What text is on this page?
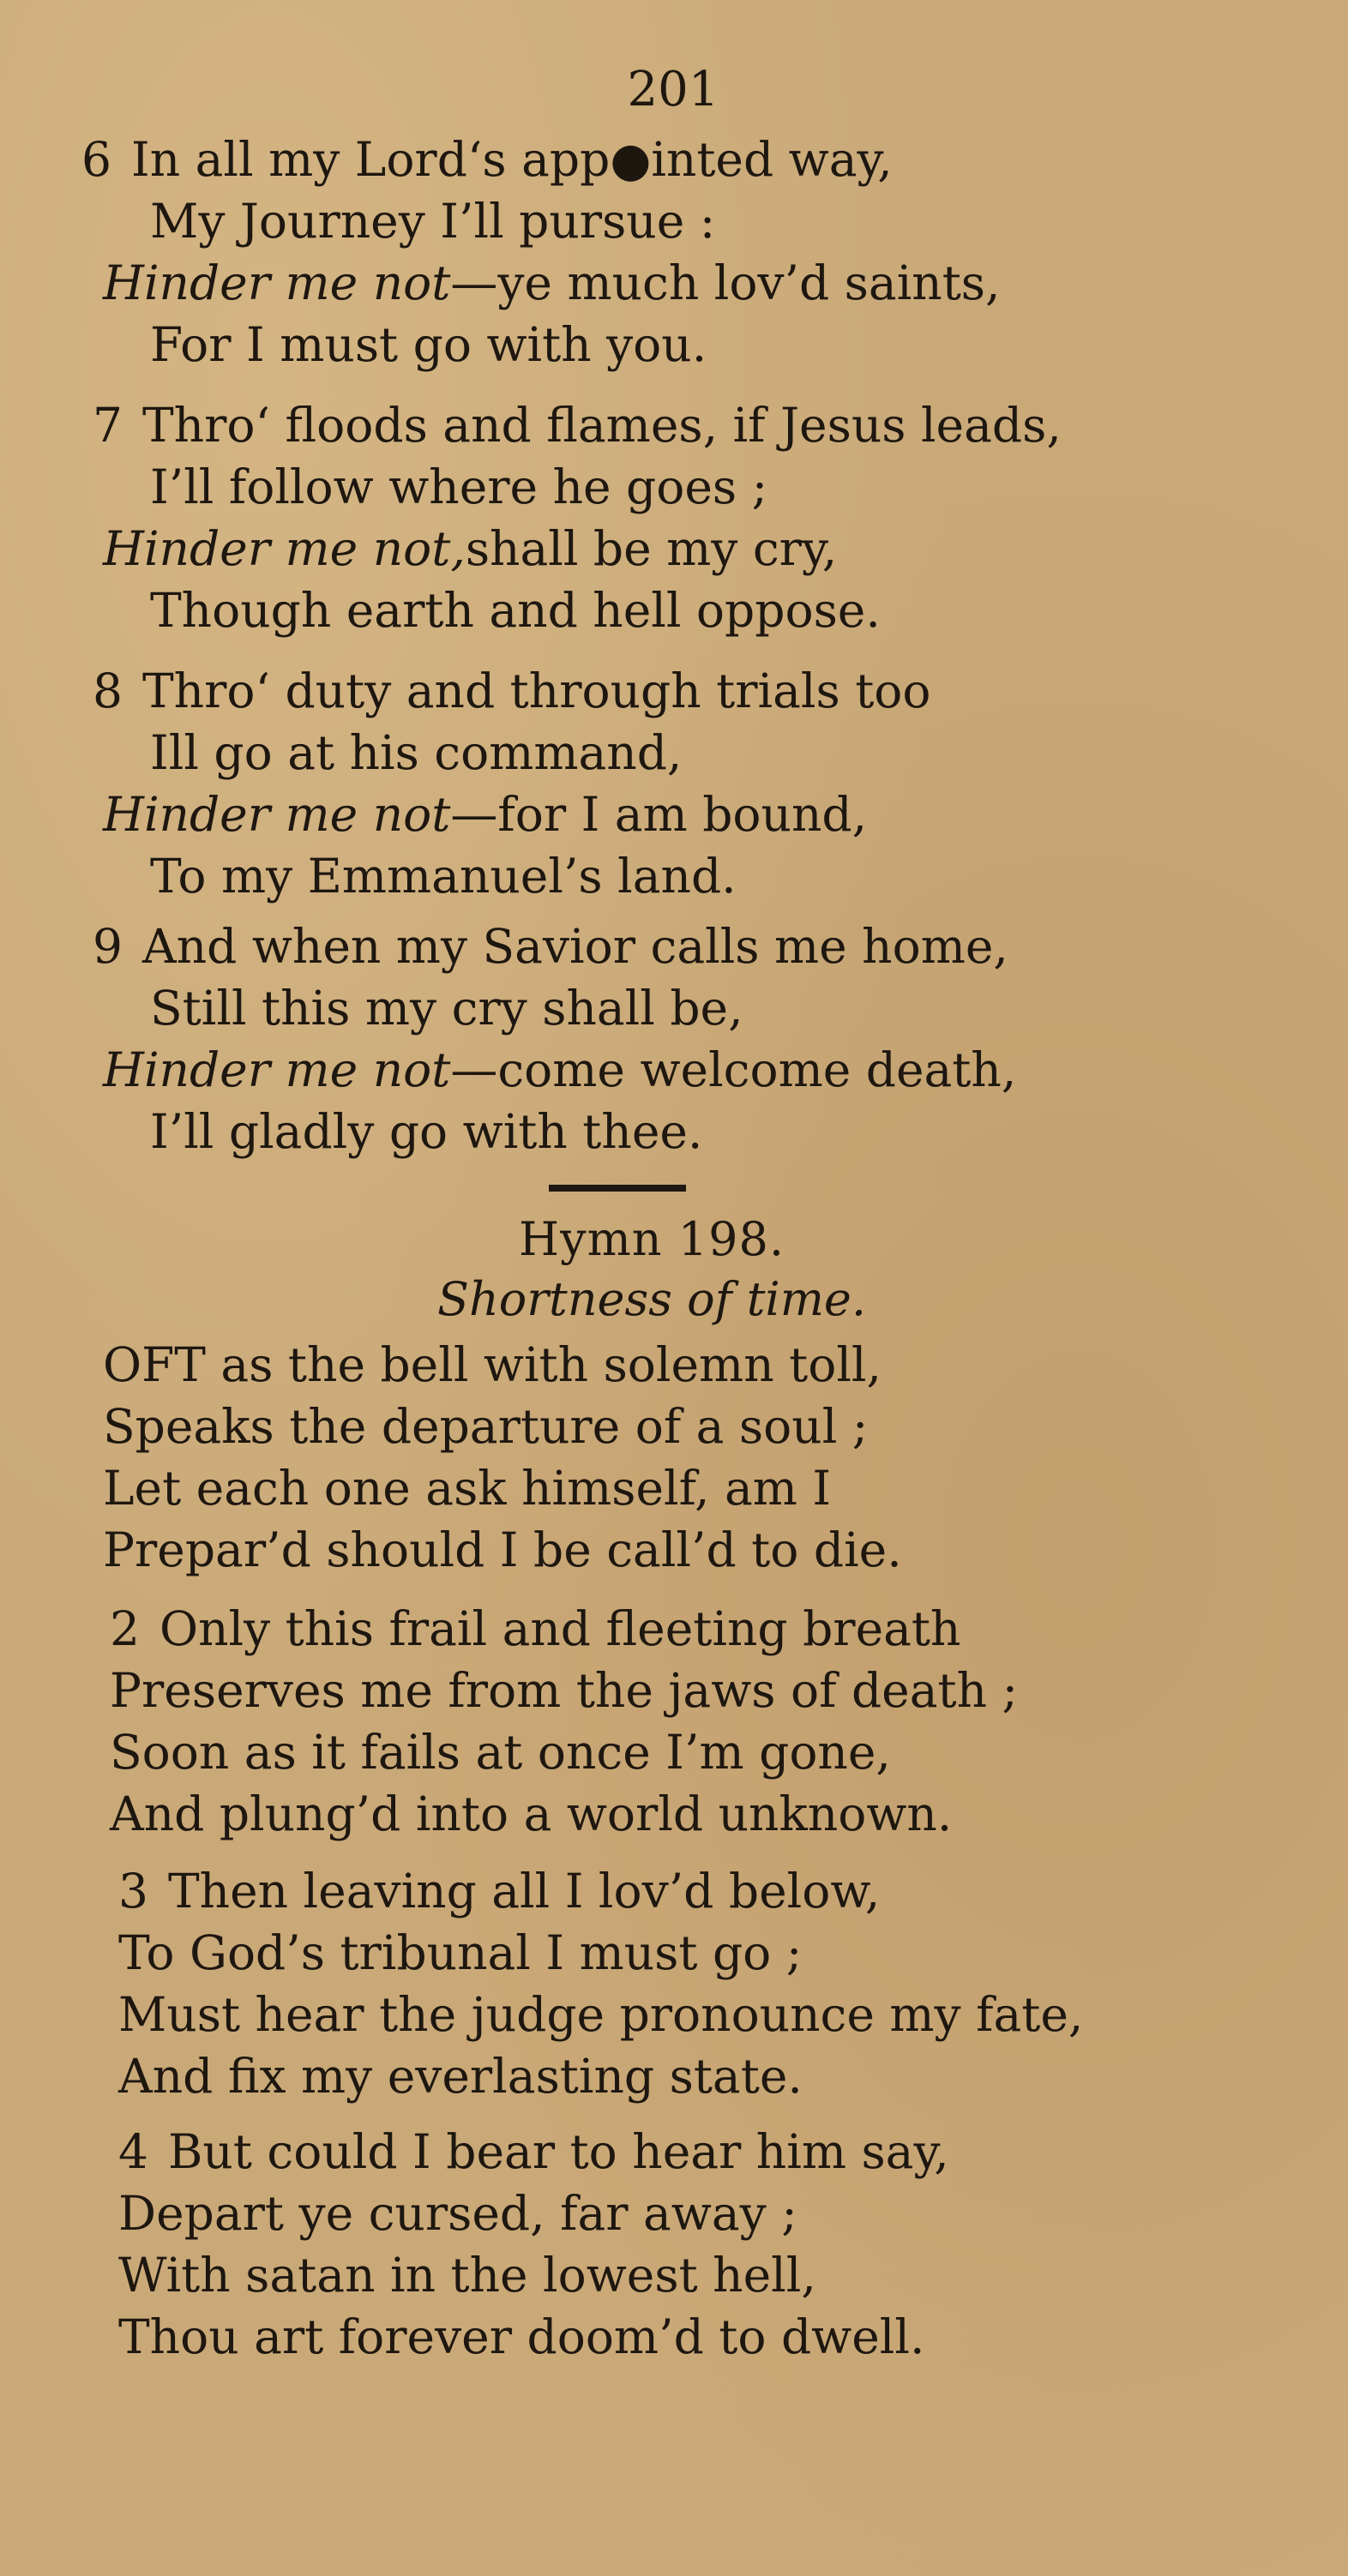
201
6 In all my Lord‘s app●inted way,
My Journey I’ll pursue :
Hinder me not—ye much lov’d saints,
For I must go with you.
7 Thro‘ floods and flames, if Jesus leads,
I’ll follow where he goes ;
Hinder me not,shall be my cry,
Though earth and hell oppose.
8 Thro‘ duty and through trials too
Ill go at his command,
Hinder me not—for I am bound,
To my Emmanuel’s land.
9 And when my Savior calls me home,
Still this my cry shall be,
Hinder me not—come welcome death,
I’ll gladly go with thee.
Hymn 198.
Shortness of time.
OFT as the bell with solemn toll,
Speaks the departure of a soul ;
Let each one ask himself, am I
Prepar’d should I be call’d to die.
2 Only this frail and fleeting breath
Preserves me from the jaws of death ;
Soon as it fails at once I’m gone,
And plung’d into a world unknown.
3 Then leaving all I lov’d below,
To God’s tribunal I must go ;
Must hear the judge pronounce my fate,
And fix my everlasting state.
4 But could I bear to hear him say,
Depart ye cursed, far away ;
With satan in the lowest hell,
Thou art forever doom’d to dwell.
